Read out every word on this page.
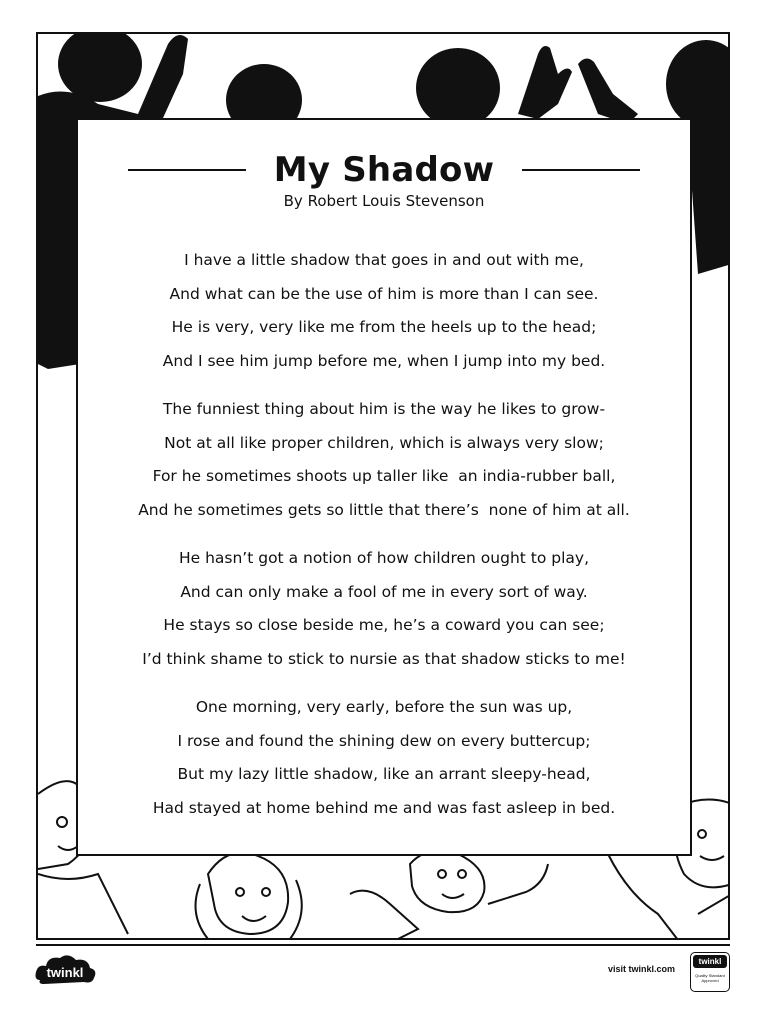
My Shadow
By Robert Louis Stevenson
I have a little shadow that goes in and out with me,
And what can be the use of him is more than I can see.
He is very, very like me from the heels up to the head;
And I see him jump before me, when I jump into my bed.
The funniest thing about him is the way he likes to grow-
Not at all like proper children, which is always very slow;
For he sometimes shoots up taller like  an india-rubber ball,
And he sometimes gets so little that there’s  none of him at all.
He hasn’t got a notion of how children ought to play,
And can only make a fool of me in every sort of way.
He stays so close beside me, he’s a coward you can see;
I’d think shame to stick to nursie as that shadow sticks to me!
One morning, very early, before the sun was up,
I rose and found the shining dew on every buttercup;
But my lazy little shadow, like an arrant sleepy-head,
Had stayed at home behind me and was fast asleep in bed.
twinkl	visit twinkl.com
twinkl
Quality Standard Approved
